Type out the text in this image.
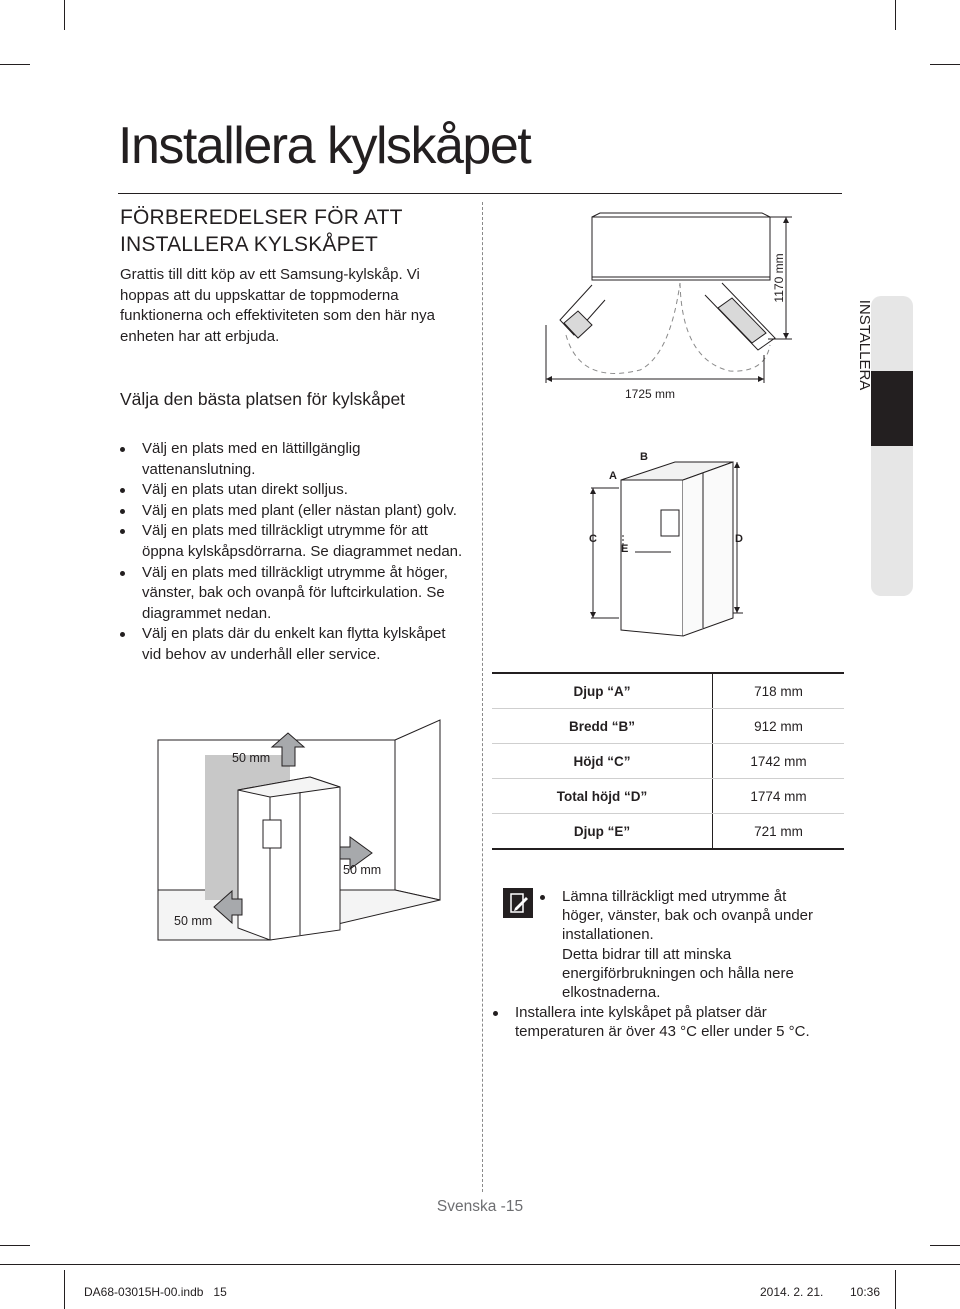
Installera kylskåpet
FÖRBEREDELSER FÖR ATT INSTALLERA KYLSKÅPET

Grattis till ditt köp av ett Samsung-kylskåp. Vi hoppas att du uppskattar de toppmoderna funktionerna och effektiviteten som den här nya enheten har att erbjuda.

Välja den bästa platsen för kylskåpet
Välj en plats med en lättillgänglig vattenanslutning.
Välj en plats utan direkt solljus.
Välj en plats med plant (eller nästan plant) golv.
Välj en plats med tillräckligt utrymme för att öppna kylskåpsdörrarna. Se diagrammet nedan.
Välj en plats med tillräckligt utrymme åt höger, vänster, bak och ovanpå för luftcirkulation. Se diagrammet nedan.
Välj en plats där du enkelt kan flytta kylskåpet vid behov av underhåll eller service.
1725 mm
1170 mm
INSTALLERA
A
B
C	D
E
Djup “A”	718 mm
Bredd “B”	912 mm
Höjd “C”	1742 mm
Total höjd “D”	1774 mm
Djup “E”	721 mm
50 mm
50 mm
50 mm
Lämna tillräckligt med utrymme åt höger, vänster, bak och ovanpå under installationen.
Detta bidrar till att minska energiförbrukningen och hålla nere elkostnaderna.
Installera inte kylskåpet på platser där temperaturen är över 43 °C eller under 5 °C.
Svenska -15
DA68-03015H-00.indb   15	2014. 2. 21. 10:36
